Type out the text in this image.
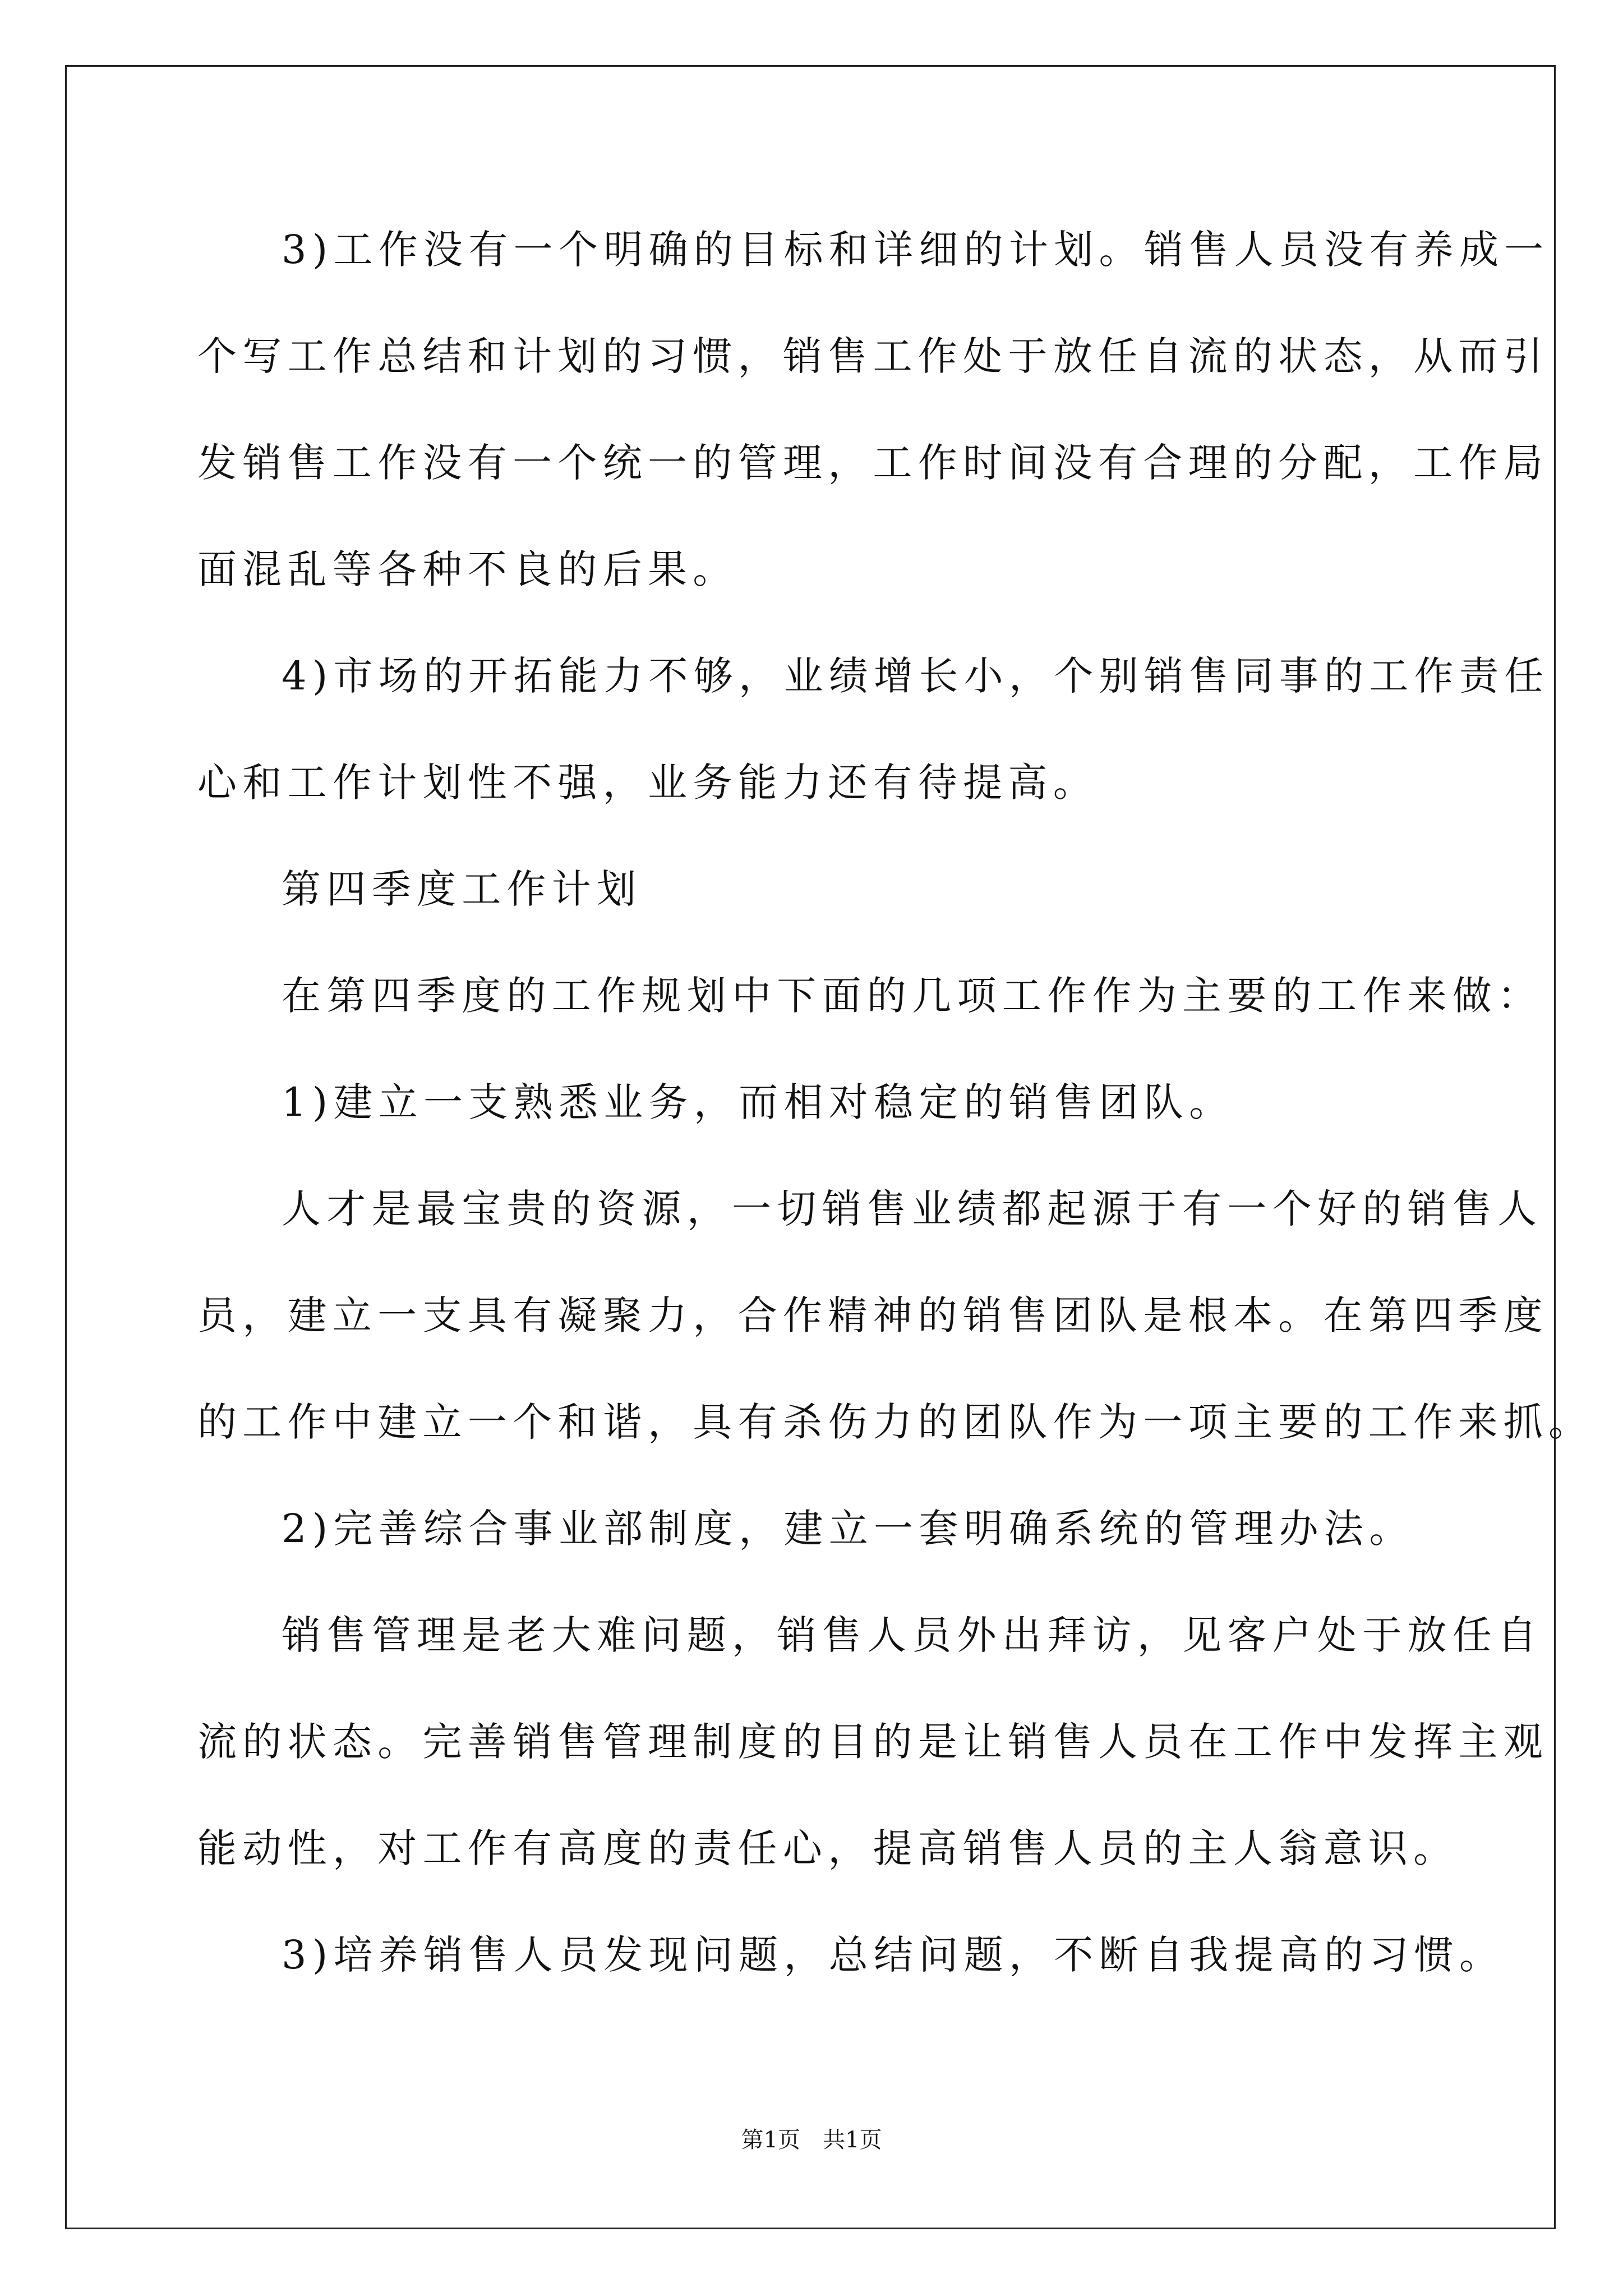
3)工作没有一个明确的目标和详细的计划。销售人员没有养成一
个写工作总结和计划的习惯，销售工作处于放任自流的状态，从而引
发销售工作没有一个统一的管理，工作时间没有合理的分配，工作局
面混乱等各种不良的后果。
4)市场的开拓能力不够，业绩增长小，个别销售同事的工作责任
心和工作计划性不强，业务能力还有待提高。
第四季度工作计划
在第四季度的工作规划中下面的几项工作作为主要的工作来做：
1)建立一支熟悉业务，而相对稳定的销售团队。
人才是最宝贵的资源，一切销售业绩都起源于有一个好的销售人
员，建立一支具有凝聚力，合作精神的销售团队是根本。在第四季度
的工作中建立一个和谐，具有杀伤力的团队作为一项主要的工作来抓。
2)完善综合事业部制度，建立一套明确系统的管理办法。
销售管理是老大难问题，销售人员外出拜访，见客户处于放任自
流的状态。完善销售管理制度的目的是让销售人员在工作中发挥主观
能动性，对工作有高度的责任心，提高销售人员的主人翁意识。
3)培养销售人员发现问题，总结问题，不断自我提高的习惯。
第1页　共1页
